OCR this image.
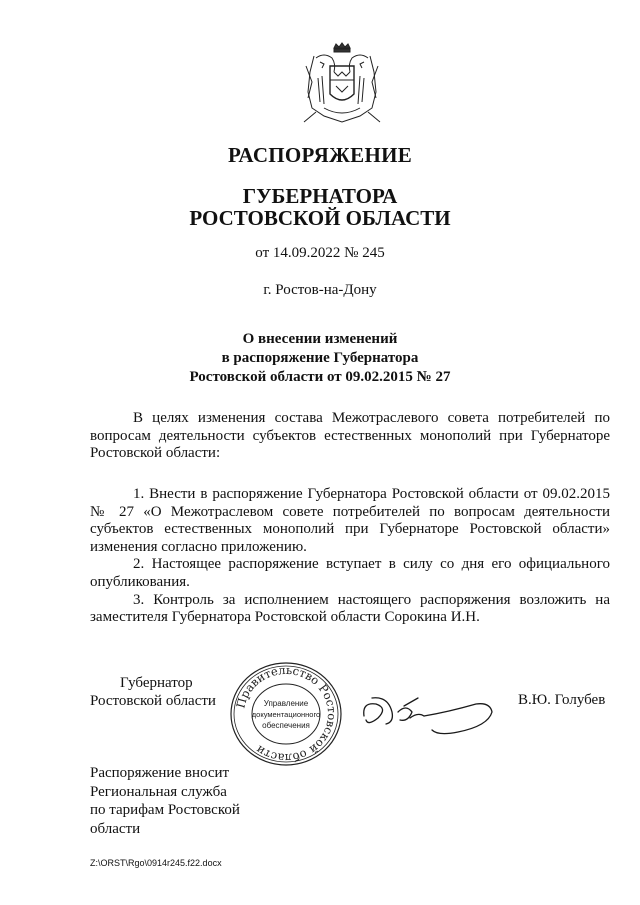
РАСПОРЯЖЕНИЕ
ГУБЕРНАТОРА
РОСТОВСКОЙ ОБЛАСТИ
от 14.09.2022 № 245
г. Ростов-на-Дону
О внесении изменений
в распоряжение Губернатора
Ростовской области от 09.02.2015 № 27

В целях изменения состава Межотраслевого совета потребителей по вопросам деятельности субъектов естественных монополий при Губернаторе Ростовской области:

1. Внести в распоряжение Губернатора Ростовской области от 09.02.2015 № 27 «О Межотраслевом совете потребителей по вопросам деятельности субъектов естественных монополий при Губернаторе Ростовской области» изменения согласно приложению.

2. Настоящее распоряжение вступает в силу со дня его официального опубликования.

3. Контроль за исполнением настоящего распоряжения возложить на заместителя Губернатора Ростовской области Сорокина И.Н.

Губернатор
Ростовской области Правительство Ростовской области
Управление
документационного
обеспечения
В.Ю. Голубев
Распоряжение вносит
Региональная служба
по тарифам Ростовской
области
Z:\ORST\Rgo\0914r245.f22.docx
